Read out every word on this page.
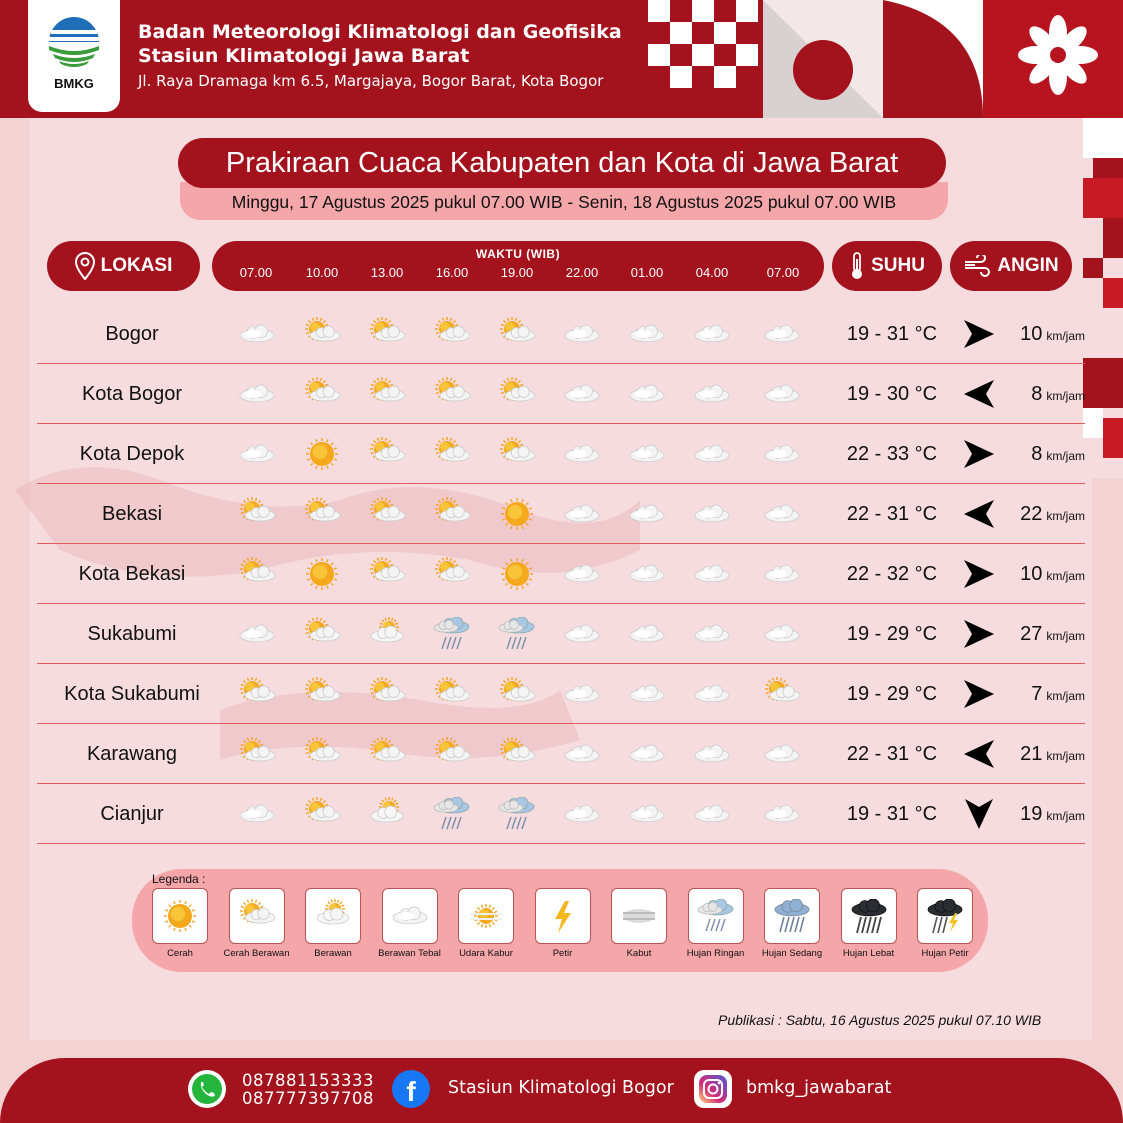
BMKG
Badan Meteorologi Klimatologi dan Geofisika
Stasiun Klimatologi Jawa Barat
Jl. Raya Dramaga km 6.5, Margajaya, Bogor Barat, Kota Bogor
Prakiraan Cuaca Kabupaten dan Kota di Jawa Barat
Minggu, 17 Agustus 2025 pukul 07.00 WIB - Senin, 18 Agustus 2025 pukul 07.00 WIB
LOKASI
WAKTU (WIB)
07.00	10.00	13.00	16.00	19.00	22.00	01.00	04.00	07.00	SUHU	ANGIN
Bogor	19 - 31 °C	10 km/jam
Kota Bogor	19 - 30 °C	8 km/jam
Kota Depok	22 - 33 °C	8 km/jam
Bekasi	22 - 31 °C	22 km/jam
Kota Bekasi	22 - 32 °C	10 km/jam
Sukabumi	19 - 29 °C	27 km/jam
Kota Sukabumi	19 - 29 °C	7 km/jam
Karawang	22 - 31 °C	21 km/jam
Cianjur	19 - 31 °C	19 km/jam
Legenda :
Cerah	Cerah Berawan	Berawan	Berawan Tebal	Udara Kabur	Petir	Kabut	Hujan Ringan	Hujan Sedang	Hujan Lebat	Hujan Petir
Publikasi : Sabtu, 16 Agustus 2025 pukul 07.10 WIB
087881153333
087777397708 f Stasiun Klimatologi Bogor	bmkg_jawabarat
